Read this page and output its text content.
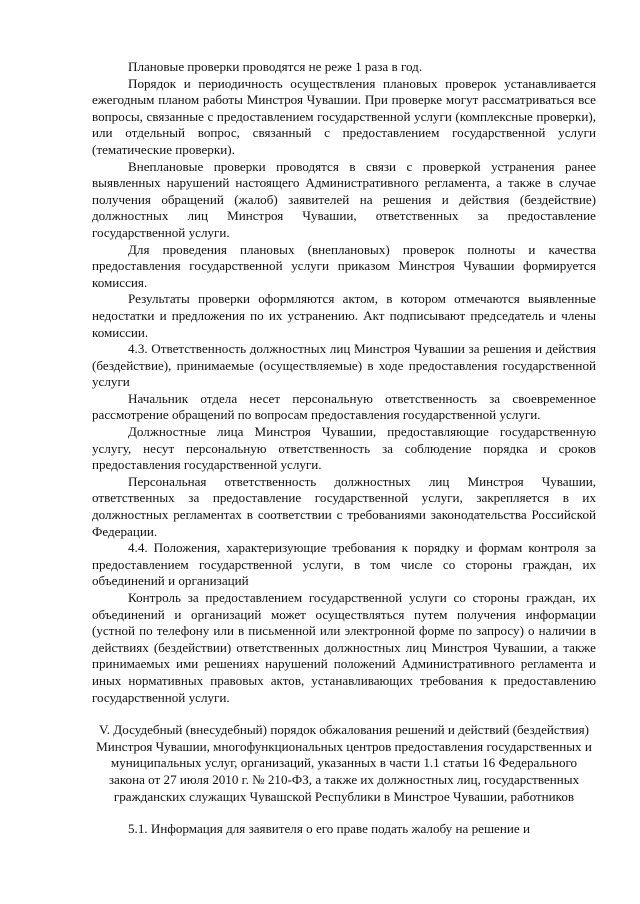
Плановые проверки проводятся не реже 1 раза в год.

Порядок и периодичность осуществления плановых проверок устанавливается ежегодным планом работы Минстроя Чувашии. При проверке могут рассматриваться все вопросы, связанные с предоставлением государственной услуги (комплексные проверки), или отдельный вопрос, связанный с предоставлением государственной услуги (тематические проверки).

Внеплановые проверки проводятся в связи с проверкой устранения ранее выявленных нарушений настоящего Административного регламента, а также в случае получения обращений (жалоб) заявителей на решения и действия (бездействие) должностных лиц Минстроя Чувашии, ответственных за предоставление государственной услуги.

Для проведения плановых (внеплановых) проверок полноты и качества предоставления государственной услуги приказом Минстроя Чувашии формируется комиссия.

Результаты проверки оформляются актом, в котором отмечаются выявленные недостатки и предложения по их устранению. Акт подписывают председатель и члены комиссии.

4.3. Ответственность должностных лиц Минстроя Чувашии за решения и действия (бездействие), принимаемые (осуществляемые) в ходе предоставления государственной услуги

Начальник отдела несет персональную ответственность за своевременное рассмотрение обращений по вопросам предоставления государственной услуги.

Должностные лица Минстроя Чувашии, предоставляющие государственную услугу, несут персональную ответственность за соблюдение порядка и сроков предоставления государственной услуги.

Персональная ответственность должностных лиц Минстроя Чувашии, ответственных за предоставление государственной услуги, закрепляется в их должностных регламентах в соответствии с требованиями законодательства Российской Федерации.

4.4. Положения, характеризующие требования к порядку и формам контроля за предоставлением государственной услуги, в том числе со стороны граждан, их объединений и организаций

Контроль за предоставлением государственной услуги со стороны граждан, их объединений и организаций может осуществляться путем получения информации (устной по телефону или в письменной или электронной форме по запросу) о наличии в действиях (бездействии) ответственных должностных лиц Минстроя Чувашии, а также принимаемых ими решениях нарушений положений Административного регламента и иных нормативных правовых актов, устанавливающих требования к предоставлению государственной услуги.

V. Досудебный (внесудебный) порядок обжалования решений и действий (бездействия) Минстроя Чувашии, многофункциональных центров предоставления государственных и муниципальных услуг, организаций, указанных в части 1.1 статьи 16 Федерального закона от 27 июля 2010 г. № 210-ФЗ, а также их должностных лиц, государственных гражданских служащих Чувашской Республики в Минстрое Чувашии, работников

5.1. Информация для заявителя о его праве подать жалобу на решение и
